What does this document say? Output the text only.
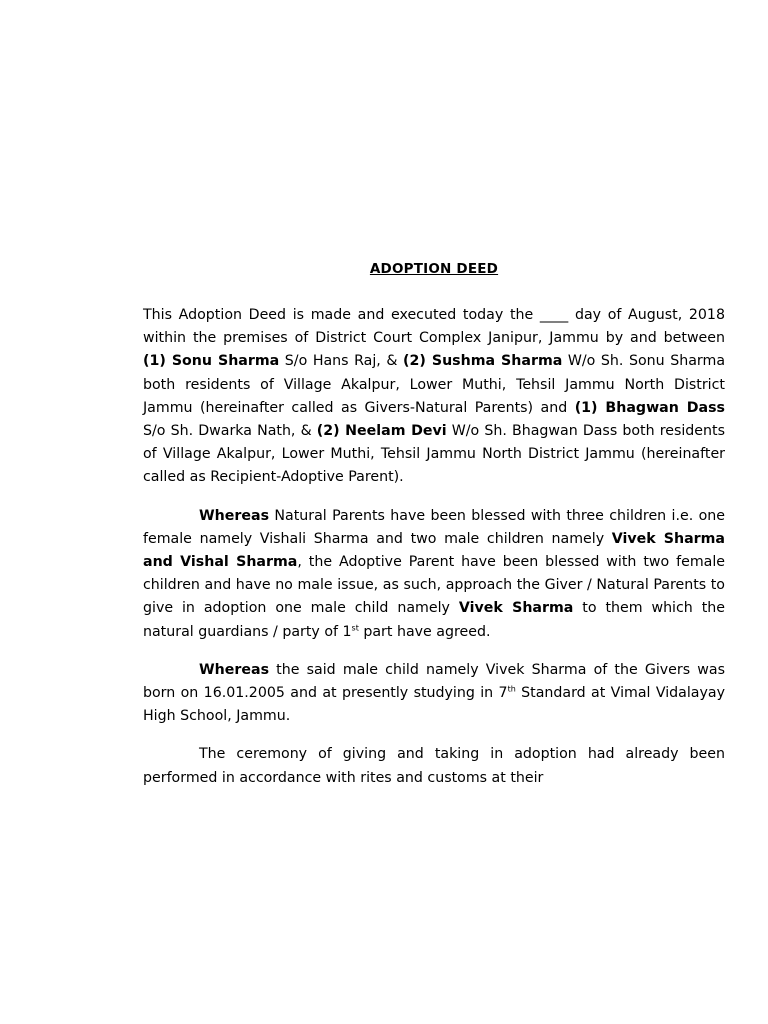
ADOPTION DEED

This Adoption Deed is made and executed today the ____ day of August, 2018 within the premises of District Court Complex Janipur, Jammu by and between (1) Sonu Sharma S/o Hans Raj, & (2) Sushma Sharma W/o Sh. Sonu Sharma both residents of Village Akalpur, Lower Muthi, Tehsil Jammu North District Jammu (hereinafter called as Givers-Natural Parents) and (1) Bhagwan Dass S/o Sh. Dwarka Nath, & (2) Neelam Devi W/o Sh. Bhagwan Dass both residents of Village Akalpur, Lower Muthi, Tehsil Jammu North District Jammu (hereinafter called as Recipient-Adoptive Parent).

Whereas Natural Parents have been blessed with three children i.e. one female namely Vishali Sharma and two male children namely Vivek Sharma and Vishal Sharma, the Adoptive Parent have been blessed with two female children and have no male issue, as such, approach the Giver / Natural Parents to give in adoption one male child namely Vivek Sharma to them which the natural guardians / party of 1st part have agreed.

Whereas the said male child namely Vivek Sharma of the Givers was born on 16.01.2005 and at presently studying in 7th Standard at Vimal Vidalayay High School, Jammu.

The ceremony of giving and taking in adoption had already been performed in accordance with rites and customs at their
